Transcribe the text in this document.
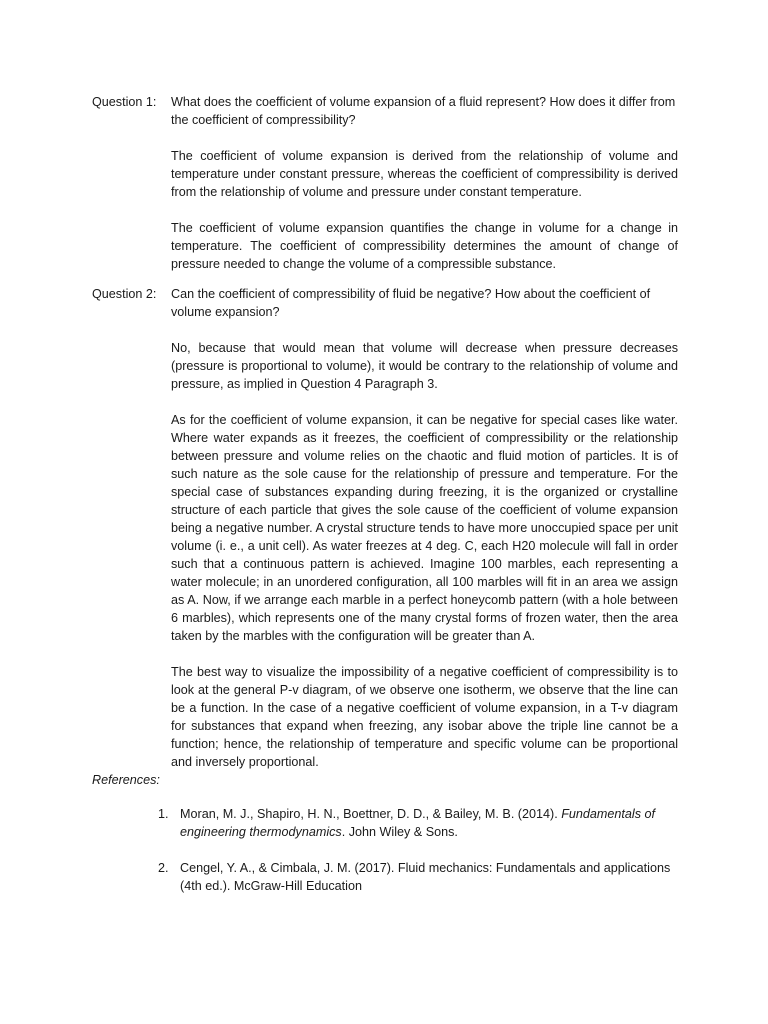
Question 1:	What does the coefficient of volume expansion of a fluid represent? How does it differ from the coefficient of compressibility?

The coefficient of volume expansion is derived from the relationship of volume and temperature under constant pressure, whereas the coefficient of compressibility is derived from the relationship of volume and pressure under constant temperature.

The coefficient of volume expansion quantifies the change in volume for a change in temperature. The coefficient of compressibility determines the amount of change of pressure needed to change the volume of a compressible substance.

Question 2:	Can the coefficient of compressibility of fluid be negative? How about the coefficient of volume expansion?

No, because that would mean that volume will decrease when pressure decreases (pressure is proportional to volume), it would be contrary to the relationship of volume and pressure, as implied in Question 4 Paragraph 3.

As for the coefficient of volume expansion, it can be negative for special cases like water. Where water expands as it freezes, the coefficient of compressibility or the relationship between pressure and volume relies on the chaotic and fluid motion of particles. It is of such nature as the sole cause for the relationship of pressure and temperature. For the special case of substances expanding during freezing, it is the organized or crystalline structure of each particle that gives the sole cause of the coefficient of volume expansion being a negative number. A crystal structure tends to have more unoccupied space per unit volume (i. e., a unit cell). As water freezes at 4 deg. C, each H20 molecule will fall in order such that a continuous pattern is achieved. Imagine 100 marbles, each representing a water molecule; in an unordered configuration, all 100 marbles will fit in an area we assign as A. Now, if we arrange each marble in a perfect honeycomb pattern (with a hole between 6 marbles), which represents one of the many crystal forms of frozen water, then the area taken by the marbles with the configuration will be greater than A.

The best way to visualize the impossibility of a negative coefficient of compressibility is to look at the general P-v diagram, of we observe one isotherm, we observe that the line can be a function. In the case of a negative coefficient of volume expansion, in a T-v diagram for substances that expand when freezing, any isobar above the triple line cannot be a function; hence, the relationship of temperature and specific volume can be proportional and inversely proportional.

References:

1. Moran, M. J., Shapiro, H. N., Boettner, D. D., & Bailey, M. B. (2014). Fundamentals of engineering thermodynamics. John Wiley & Sons.
2. Cengel, Y. A., & Cimbala, J. M. (2017). Fluid mechanics: Fundamentals and applications (4th ed.). McGraw-Hill Education
